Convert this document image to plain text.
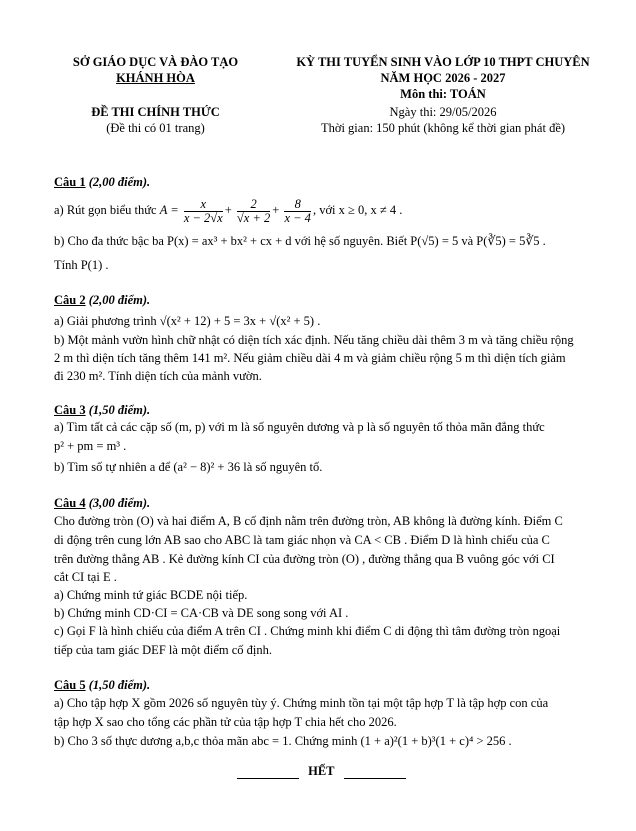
SỞ GIÁO DỤC VÀ ĐÀO TẠO
KHÁNH HÒA
ĐỀ THI CHÍNH THỨC
(Đề thi có 01 trang)
KỲ THI TUYỂN SINH VÀO LỚP 10 THPT CHUYÊN
NĂM HỌC 2026 - 2027
Môn thi: TOÁN
Ngày thi: 29/05/2026
Thời gian: 150 phút (không kể thời gian phát đề)
Câu 1 (2,00 điểm).
a) Rút gọn biểu thức $A = \frac{x}{x - 2√x} + \frac{2}{√x + 2} + \frac{8}{x - 4}$ , với x ≥ 0, x ≠ 4 .
b) Cho đa thức bậc ba P(x) = ax³ + bx² + cx + d với hệ số nguyên. Biết P(√5) = 5 và P(∛5) = 5∛5 .
Tính P(1) .
Câu 2 (2,00 điểm).
a) Giải phương trình √(x² + 12) + 5 = 3x + √(x² + 5) .
b) Một mảnh vườn hình chữ nhật có diện tích xác định. Nếu tăng chiều dài thêm 3 m và tăng chiều rộng
2 m thì diện tích tăng thêm 141 m². Nếu giảm chiều dài 4 m và giảm chiều rộng 5 m thì diện tích giảm
đi 230 m². Tính diện tích của mảnh vườn.
Câu 3 (1,50 điểm).
a) Tìm tất cả các cặp số (m, p) với m là số nguyên dương và p là số nguyên tố thỏa mãn đẳng thức
p² + pm = m³ .
b) Tìm số tự nhiên a để (a² − 8)² + 36 là số nguyên tố.
Câu 4 (3,00 điểm).
Cho đường tròn (O) và hai điểm A, B cố định nằm trên đường tròn, AB không là đường kính. Điểm C
di động trên cung lớn AB sao cho ABC là tam giác nhọn và CA < CB . Điểm D là hình chiếu của C
trên đường thẳng AB . Kẻ đường kính CI của đường tròn (O) , đường thẳng qua B vuông góc với CI
cắt CI tại E .
a) Chứng minh tứ giác BCDE nội tiếp.
b) Chứng minh CD·CI = CA·CB và DE song song với AI .
c) Gọi F là hình chiếu của điểm A trên CI . Chứng minh khi điểm C di động thì tâm đường tròn ngoại
tiếp của tam giác DEF là một điểm cố định.
Câu 5 (1,50 điểm).
a) Cho tập hợp X gồm 2026 số nguyên tùy ý. Chứng minh tồn tại một tập hợp T là tập hợp con của
tập hợp X sao cho tổng các phần tử của tập hợp T chia hết cho 2026.
b) Cho 3 số thực dương a,b,c thỏa mãn abc = 1. Chứng minh (1 + a)²(1 + b)³(1 + c)⁴ > 256 .
HẾT
